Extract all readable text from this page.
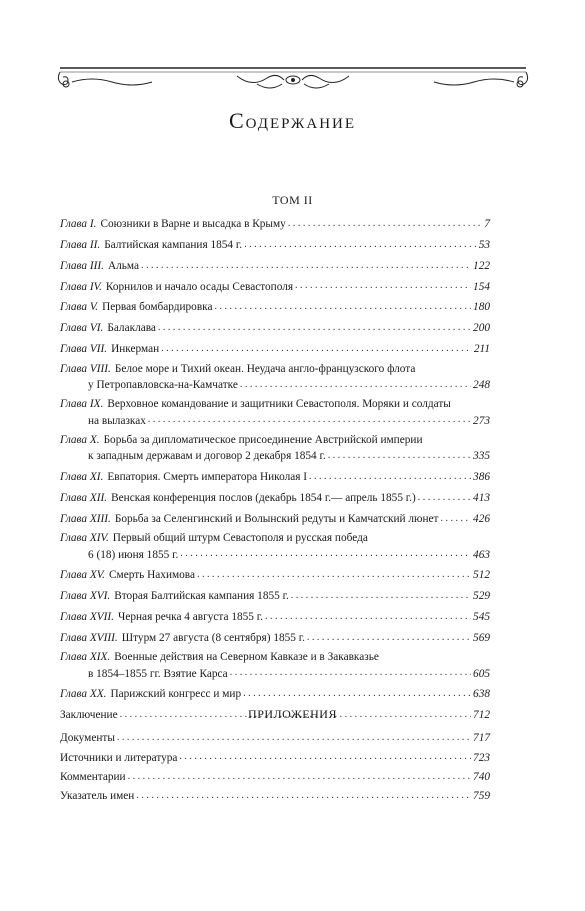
Содержание
ТОМ II
Глава I. Союзники в Варне и высадка в Крыму . . .	7
Глава II. Балтийская кампания 1854 г. . . .	53
Глава III. Альма . . .	122
Глава IV. Корнилов и начало осады Севастополя . . .	154
Глава V. Первая бомбардировка . . .	180
Глава VI. Балаклава . . .	200
Глава VII. Инкерман . . .	211
Глава VIII. Белое море и Тихий океан. Неудача англо-французского флота
у Петропавловска-на-Камчатке . . .	248
Глава IX. Верховное командование и защитники Севастополя. Моряки и солдаты
на вылазках . . .	273
Глава X. Борьба за дипломатическое присоединение Австрийской империи
к западным державам и договор 2 декабря 1854 г. . . .	335
Глава XI. Евпатория. Смерть императора Николая I . . .	386
Глава XII. Венская конференция послов (декабрь 1854 г.— апрель 1855 г.) . . .	413
Глава XIII. Борьба за Селенгинский и Волынский редуты и Камчатский люнет . . .	426
Глава XIV. Первый общий штурм Севастополя и русская победа
6 (18) июня 1855 г. . . .	463
Глава XV. Смерть Нахимова . . .	512
Глава XVI. Вторая Балтийская кампания 1855 г. . . .	529
Глава XVII. Черная речка 4 августа 1855 г. . . .	545
Глава XVIII. Штурм 27 августа (8 сентября) 1855 г. . . .	569
Глава XIX. Военные действия на Северном Кавказе и в Закавказье
в 1854–1855 гг. Взятие Карса . . .	605
Глава XX. Парижский конгресс и мир . . .	638
Заключение . . .	712
ПРИЛОЖЕНИЯ
Документы . . .	717
Источники и литература . . .	723
Комментарии . . .	740
Указатель имен . . .	759
